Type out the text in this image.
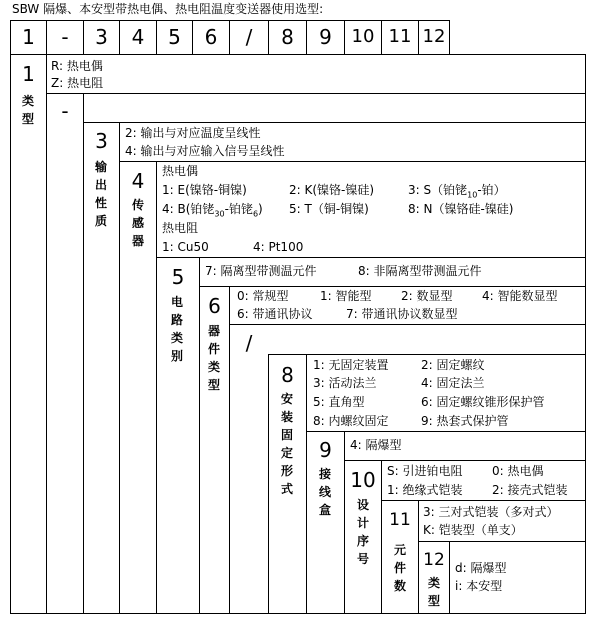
SBW 隔爆、本安型带热电偶、热电阻温度变送器使用选型:
1	-	3	4	5	6	/	8	9	10 11 12
1
类
型
R: 热电偶
Z: 热电阻
-
3
输
出
性
质
2: 输出与对应温度呈线性
4: 输出与对应输入信号呈线性
4
传
感
器
热电偶
1: E(镍铬-铜镍)	2: K(镍铬-镍硅)	3: S（铂铑$_{10}$-铂）
4: B(铂铑$_{30}$-铂铑$_6$) 5: T（铜-铜镍)	8: N（镍铬硅-镍硅)
热电阻
1: Cu50	4: Pt100
5
电
路
类
别
7: 隔离型带测温元件	8: 非隔离型带测温元件
6
器
件
类
型
0: 常规型	1: 智能型 2: 数显型 4: 智能数显型
6: 带通讯协议	7: 带通讯协议数显型
/
8
安
装
固
定
形
式
1: 无固定装置	2: 固定螺纹
3: 活动法兰	4: 固定法兰
5: 直角型	6: 固定螺纹锥形保护管
8: 内螺纹固定	9: 热套式保护管
9
接
线
盒
4: 隔爆型
10
设
计
序
号
S: 引进铂电阻 0: 热电偶
1: 绝缘式铠装 2: 接壳式铠装
11
元
件
数
3: 三对式铠装（多对式）
K: 铠装型（单支）
12
类
型
d: 隔爆型
i: 本安型
